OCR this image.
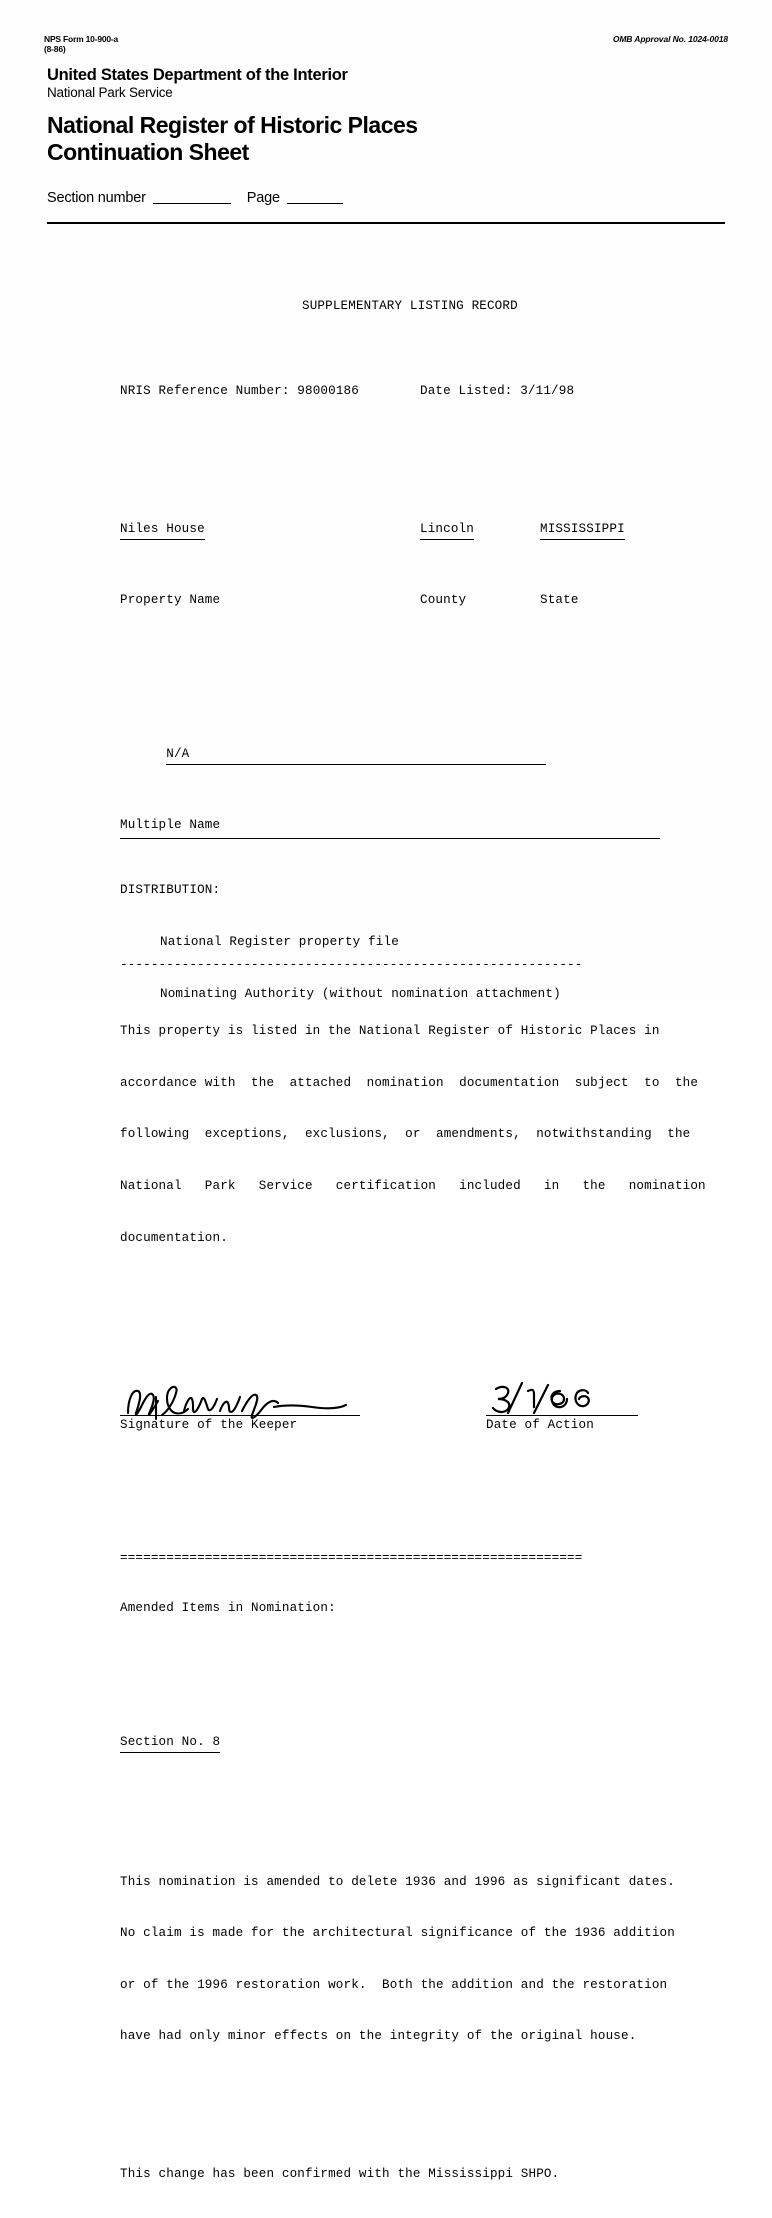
NPS Form 10-900-a
(8-86)
OMB Approval No. 1024-0018
United States Department of the Interior
National Park Service
National Register of Historic Places
Continuation Sheet
Section number	Page

SUPPLEMENTARY LISTING RECORD

NRIS Reference Number: 98000186	Date Listed: 3/11/98

Niles House	Lincoln	MISSISSIPPI

Property Name	County	State

N/A

Multiple Name

------------------------------------------------------------

This property is listed in the National Register of Historic Places in

accordance with  the  attached  nomination  documentation  subject  to  the

following  exceptions,  exclusions,  or  amendments,  notwithstanding  the

National   Park   Service   certification   included   in   the   nomination

documentation.

Signature of the Keeper	Date of Action

============================================================

Amended Items in Nomination:

Section No. 8

This nomination is amended to delete 1936 and 1996 as significant dates.

No claim is made for the architectural significance of the 1936 addition

or of the 1996 restoration work.  Both the addition and the restoration

have had only minor effects on the integrity of the original house.

This change has been confirmed with the Mississippi SHPO.

DISTRIBUTION:

National Register property file

Nominating Authority (without nomination attachment)
